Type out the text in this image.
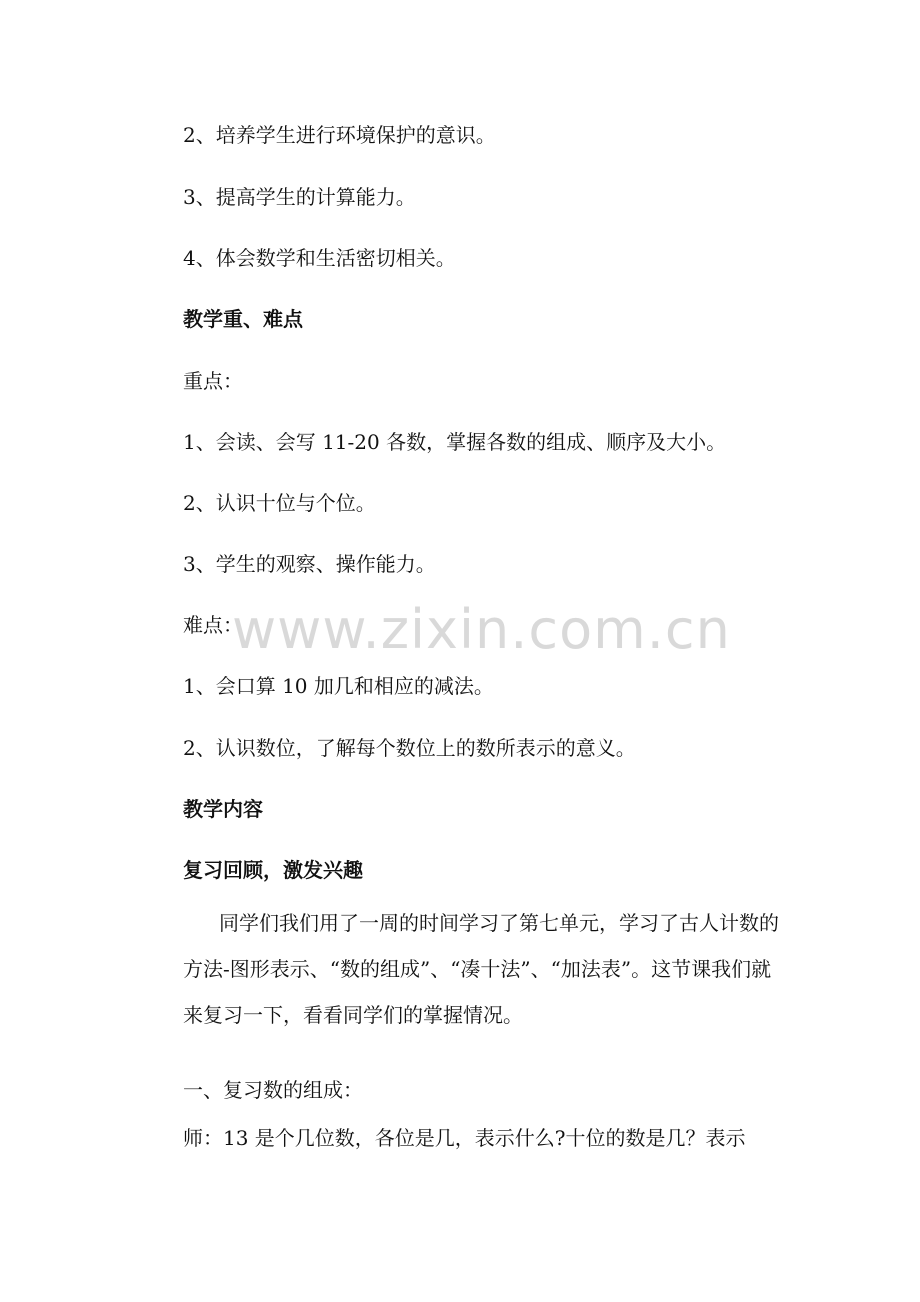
2、培养学生进行环境保护的意识。
3、提高学生的计算能力。
4、体会数学和生活密切相关。
教学重、难点
重点：
1、会读、会写 11-20 各数，掌握各数的组成、顺序及大小。
2、认识十位与个位。
3、学生的观察、操作能力。
难点：
1、会口算 10 加几和相应的减法。
2、认识数位，了解每个数位上的数所表示的意义。
教学内容
复习回顾，激发兴趣
同学们我们用了一周的时间学习了第七单元，学习了古人计数的方法-图形表示、“数的组成”、“凑十法”、“加法表”。这节课我们就来复习一下，看看同学们的掌握情况。
一、复习数的组成：
师：13 是个几位数，各位是几，表示什么?十位的数是几？表示
www.zixin.com.cn
